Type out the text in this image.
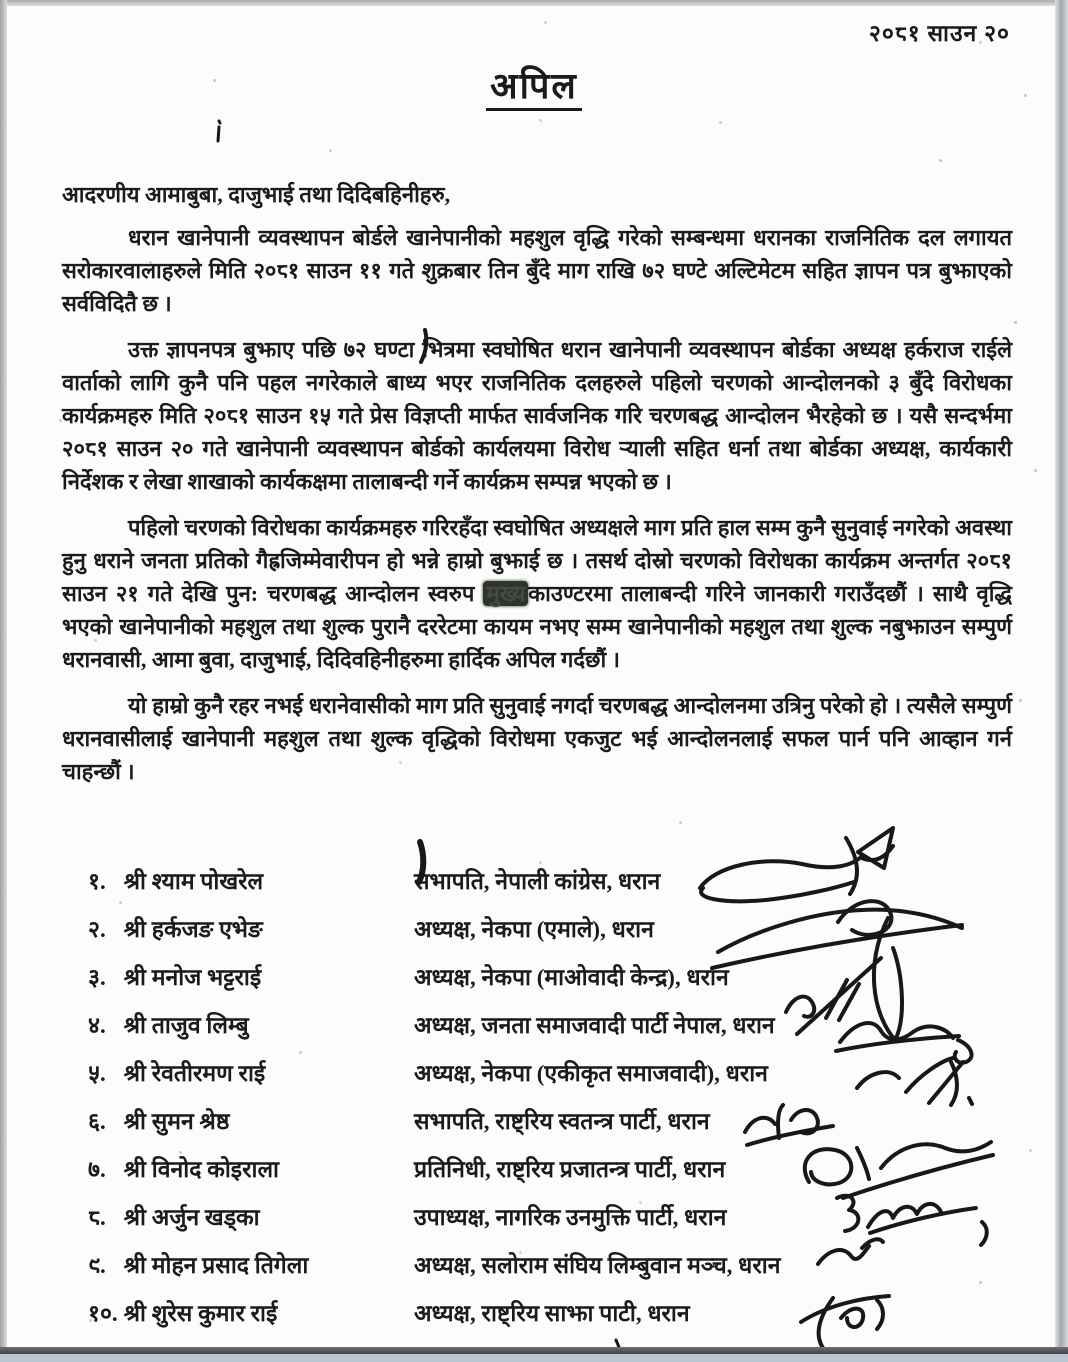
२०८१ साउन २०
अपिल
आदरणीय आमाबुबा, दाजुभाई तथा दिदिबहिनीहरु,

धरान खानेपानी व्यवस्थापन बोर्डले खानेपानीको महशुल वृद्धि गरेको सम्बन्धमा धरानका राजनितिक दल लगायत सरोकारवालाहरुले मिति २०८१ साउन ११ गते शुक्रबार तिन बुँदे माग राखि ७२ घण्टे अल्टिमेटम सहित ज्ञापन पत्र बुझाएको सर्वविदितै छ ।

उक्त ज्ञापनपत्र बुझाए पछि ७२ घण्टा भित्रमा स्वघोषित धरान खानेपानी व्यवस्थापन बोर्डका अध्यक्ष हर्कराज राईले वार्ताको लागि कुनै पनि पहल नगरेकाले बाध्य भएर राजनितिक दलहरुले पहिलो चरणको आन्दोलनको ३ बुँदे विरोधका कार्यक्रमहरु मिति २०८१ साउन १५ गते प्रेस विज्ञप्ती मार्फत सार्वजनिक गरि चरणबद्ध आन्दोलन भैरहेको छ । यसै सन्दर्भमा २०८१ साउन २० गते खानेपानी व्यवस्थापन बोर्डको कार्यलयमा विरोध ऱ्याली सहित धर्ना तथा बोर्डका अध्यक्ष, कार्यकारी निर्देशक र लेखा शाखाको कार्यकक्षमा तालाबन्दी गर्ने कार्यक्रम सम्पन्न भएको छ ।

पहिलो चरणको विरोधका कार्यक्रमहरु गरिरहँदा स्वघोषित अध्यक्षले माग प्रति हाल सम्म कुनै सुनुवाई नगरेको अवस्था हुनु धराने जनता प्रतिको गैह्रजिम्मेवारीपन हो भन्ने हाम्रो बुझाई छ । तसर्थ दोस्रो चरणको विरोधका कार्यक्रम अन्तर्गत २०८१ साउन २१ गते देखि पुन: चरणबद्ध आन्दोलन स्वरुप मुख्य काउण्टरमा तालाबन्दी गरिने जानकारी गराउँदछौं । साथै वृद्धि भएको खानेपानीको महशुल तथा शुल्क पुरानै दररेटमा कायम नभए सम्म खानेपानीको महशुल तथा शुल्क नबुझाउन सम्पुर्ण धरानवासी, आमा बुवा, दाजुभाई, दिदिवहिनीहरुमा हार्दिक अपिल गर्दछौं ।

यो हाम्रो कुनै रहर नभई धरानेवासीको माग प्रति सुनुवाई नगर्दा चरणबद्ध आन्दोलनमा उत्रिनु परेको हो । त्यसैले सम्पुर्ण धरानवासीलाई खानेपानी महशुल तथा शुल्क वृद्धिको विरोधमा एकजुट भई आन्दोलनलाई सफल पार्न पनि आव्हान गर्न चाहन्छौं ।

१. श्री श्याम पोखरेल	सभापति, नेपाली कांग्रेस, धरान
२. श्री हर्कजङ एभेङ	अध्यक्ष, नेकपा (एमाले), धरान
३. श्री मनोज भट्टराई	अध्यक्ष, नेकपा (माओवादी केन्द्र), धरान
४. श्री ताजुव लिम्बु	अध्यक्ष, जनता समाजवादी पार्टी नेपाल, धरान
५. श्री रेवतीरमण राई	अध्यक्ष, नेकपा (एकीकृत समाजवादी), धरान
६. श्री सुमन श्रेष्ठ	सभापति, राष्ट्रिय स्वतन्त्र पार्टी, धरान
७. श्री विनोद कोइराला	प्रतिनिधी, राष्ट्रिय प्रजातन्त्र पार्टी, धरान
८. श्री अर्जुन खड्का	उपाध्यक्ष, नागरिक उनमुक्ति पार्टी, धरान
९. श्री मोहन प्रसाद तिगेला	अध्यक्ष, सलोराम संघिय लिम्बुवान मञ्च, धरान
१०. श्री शुरेस कुमार राई	अध्यक्ष, राष्ट्रिय साझा पाटी, धरान
